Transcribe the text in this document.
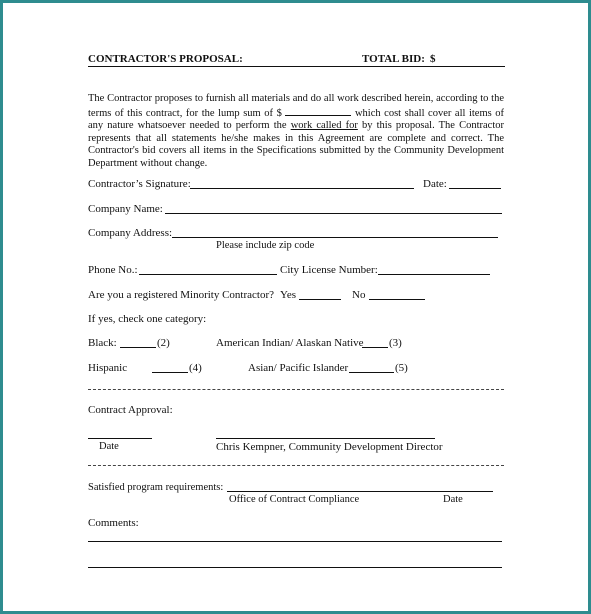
CONTRACTOR'S PROPOSAL:	TOTAL BID: $
The Contractor proposes to furnish all materials and do all work described herein, according to the terms of this contract, for the lump sum of $	which cost shall cover all items of any nature whatsoever needed to perform the work called for by this proposal. The Contractor represents that all statements he/she makes in this Agreement are complete and correct. The Contractor's bid covers all items in the Specifications submitted by the Community Development Department without change.
Contractor’s Signature:	Date:
Company Name:
Company Address:
Please include zip code
Phone No.:	City License Number:
Are you a registered Minority Contractor? Yes	No
If yes, check one category:
Black:	(2)	American Indian/ Alaskan Native (3)
Hispanic	(4)	Asian/ Pacific Islander	(5)
Contract Approval:
Date	Chris Kempner, Community Development Director
Satisfied program requirements:
Office of Contract Compliance	Date
Comments:
